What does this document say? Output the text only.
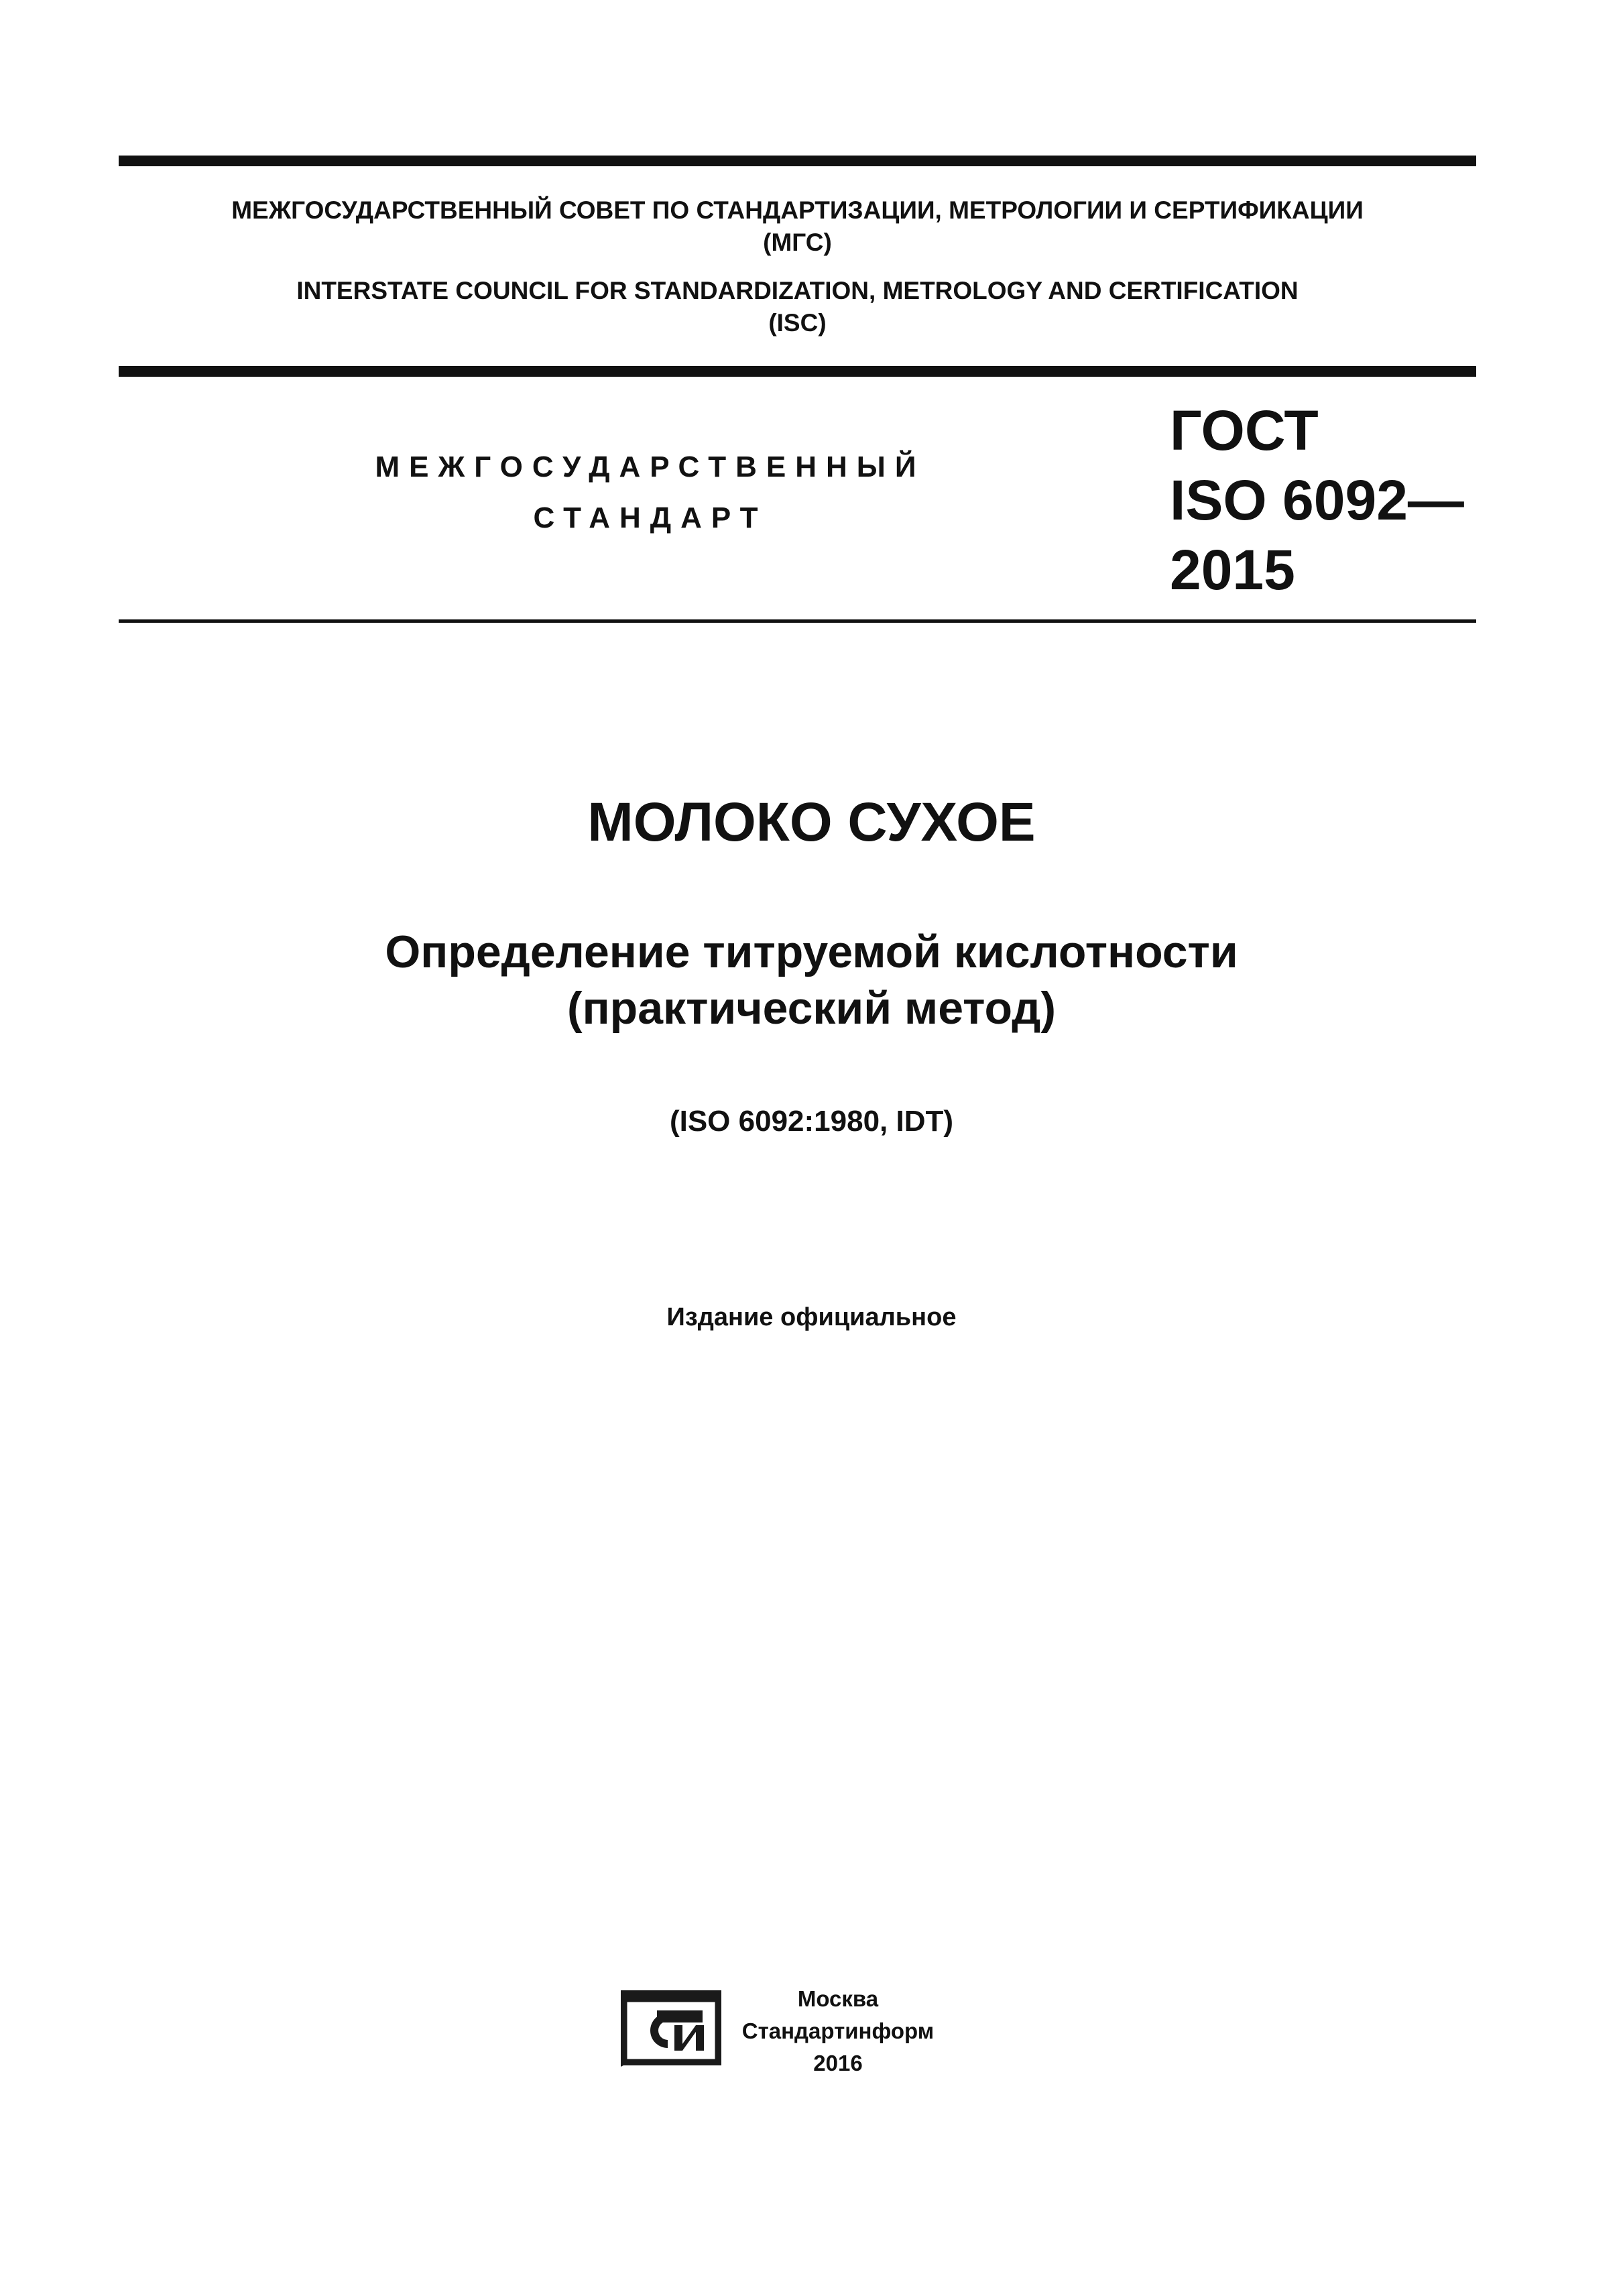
МЕЖГОСУДАРСТВЕННЫЙ СОВЕТ ПО СТАНДАРТИЗАЦИИ, МЕТРОЛОГИИ И СЕРТИФИКАЦИИ
(МГС)
INTERSTATE COUNCIL FOR STANDARDIZATION, METROLOGY AND CERTIFICATION
(ISC)
МЕЖГОСУДАРСТВЕННЫЙ
СТАНДАРТ
ГОСТ
ISO 6092—
2015
МОЛОКО СУХОЕ
Определение титруемой кислотности
(практический метод)
(ISO 6092:1980, IDT)
Издание официальное
Москва
Стандартинформ
2016
